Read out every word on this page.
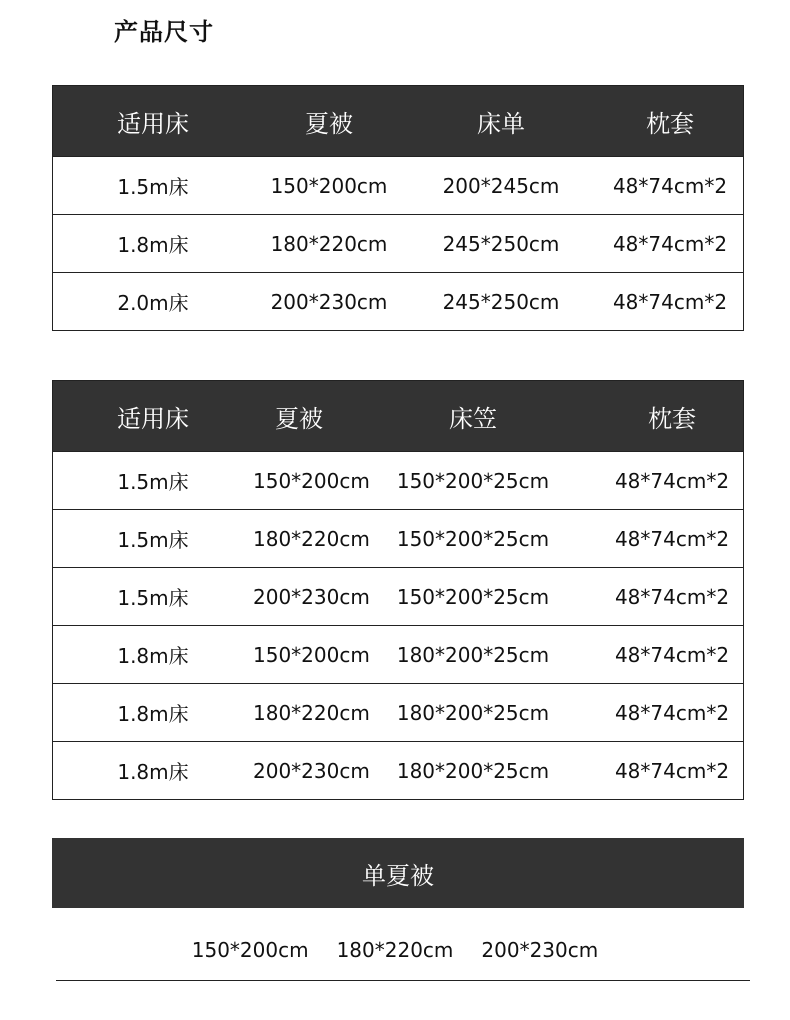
产品尺寸
适用床	夏被	床单	枕套
1.5m床	150*200cm	200*245cm	48*74cm*2
1.8m床	180*220cm	245*250cm	48*74cm*2
2.0m床	200*230cm	245*250cm	48*74cm*2
适用床	夏被	床笠	枕套
1.5m床	150*200cm	150*200*25cm	48*74cm*2
1.5m床	180*220cm	150*200*25cm	48*74cm*2
1.5m床	200*230cm	150*200*25cm	48*74cm*2
1.8m床	150*200cm	180*200*25cm	48*74cm*2
1.8m床	180*220cm	180*200*25cm	48*74cm*2
1.8m床	200*230cm	180*200*25cm	48*74cm*2
单夏被
150*200cm 180*220cm 200*230cm
